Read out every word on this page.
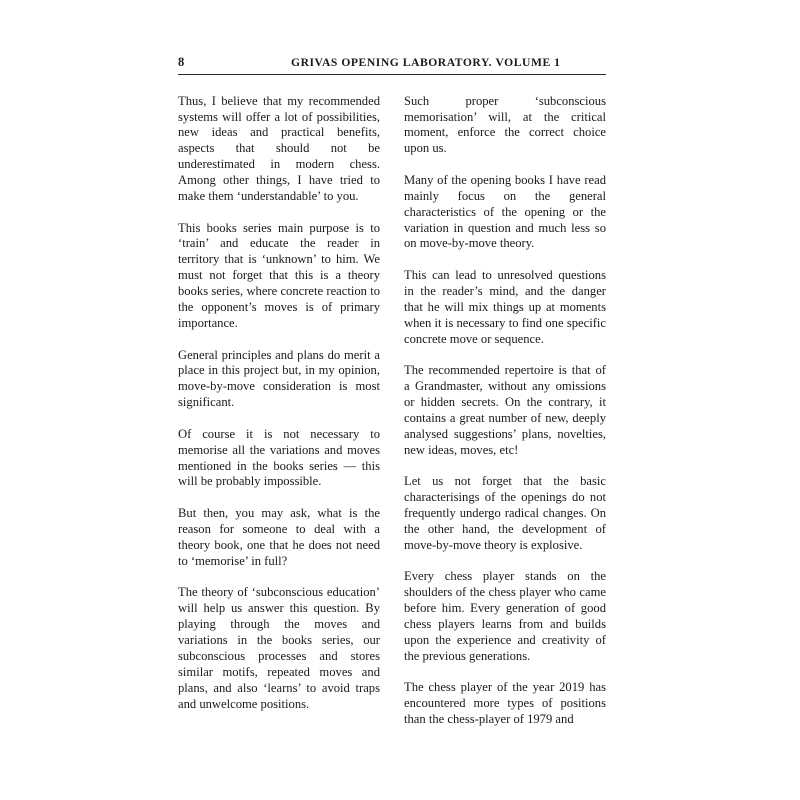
8	GRIVAS OPENING LABORATORY. VOLUME 1

Thus, I believe that my recommended systems will offer a lot of possibilities, new ideas and practical benefits, aspects that should not be underestimated in modern chess. Among other things, I have tried to make them ‘understandable’ to you.

This books series main purpose is to ‘train’ and educate the reader in territory that is ‘unknown’ to him. We must not forget that this is a theory books series, where concrete reaction to the opponent’s moves is of primary importance.

General principles and plans do merit a place in this project but, in my opinion, move-by-move consideration is most significant.

Of course it is not necessary to memorise all the variations and moves mentioned in the books series — this will be probably impossible.

But then, you may ask, what is the reason for someone to deal with a theory book, one that he does not need to ‘memorise’ in full?

The theory of ‘subconscious education’ will help us answer this question. By playing through the moves and variations in the books series, our subconscious processes and stores similar motifs, repeated moves and plans, and also ‘learns’ to avoid traps and unwelcome positions.

Such proper ‘subconscious memorisation’ will, at the critical moment, enforce the correct choice upon us.

Many of the opening books I have read mainly focus on the general characteristics of the opening or the variation in question and much less so on move-by-move theory.

This can lead to unresolved questions in the reader’s mind, and the danger that he will mix things up at moments when it is necessary to find one specific concrete move or sequence.

The recommended repertoire is that of a Grandmaster, without any omissions or hidden secrets. On the contrary, it contains a great number of new, deeply analysed suggestions’ plans, novelties, new ideas, moves, etc!

Let us not forget that the basic characterisings of the openings do not frequently undergo radical changes. On the other hand, the development of move-by-move theory is explosive.

Every chess player stands on the shoulders of the chess player who came before him. Every generation of good chess players learns from and builds upon the experience and creativity of the previous generations.

The chess player of the year 2019 has encountered more types of positions than the chess-player of 1979 and
